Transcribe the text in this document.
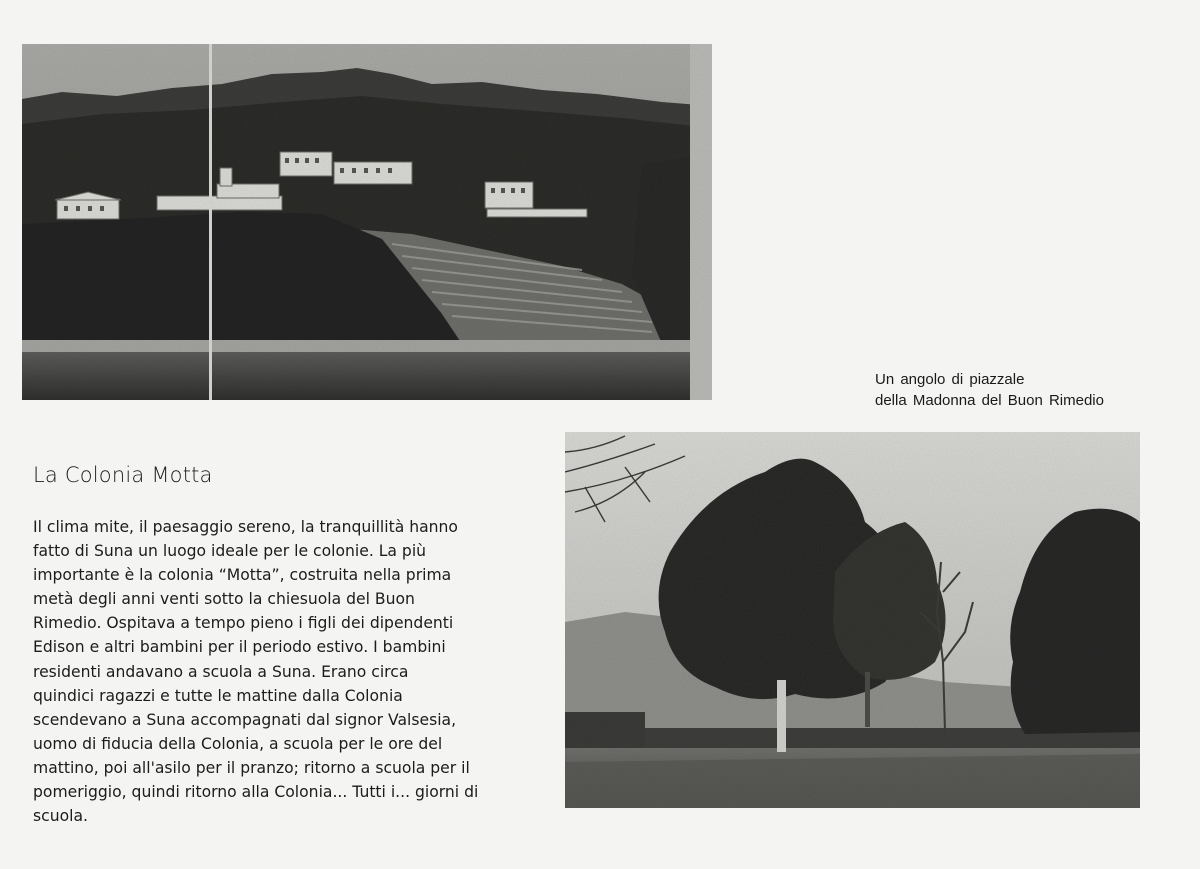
Un angolo di piazzale
della Madonna del Buon Rimedio
La Colonia Motta
Il clima mite, il paesaggio sereno, la tranquillità hanno
fatto di Suna un luogo ideale per le colonie. La più
importante è la colonia “Motta”, costruita nella prima
metà degli anni venti sotto la chiesuola del Buon
Rimedio. Ospitava a tempo pieno i figli dei dipendenti
Edison e altri bambini per il periodo estivo. I bambini
residenti andavano a scuola a Suna. Erano circa
quindici ragazzi e tutte le mattine dalla Colonia
scendevano a Suna accompagnati dal signor Valsesia,
uomo di fiducia della Colonia, a scuola per le ore del
mattino, poi all'asilo per il pranzo; ritorno a scuola per il
pomeriggio, quindi ritorno alla Colonia... Tutti i... giorni di
scuola.
